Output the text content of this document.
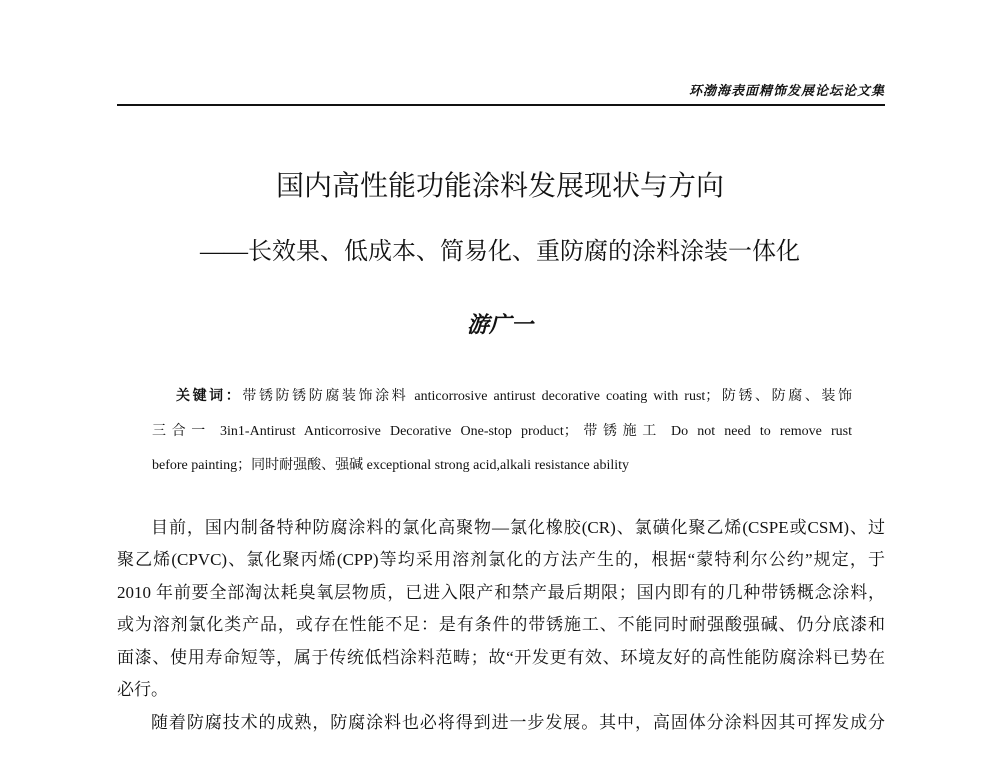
环渤海表面精饰发展论坛论文集
国内高性能功能涂料发展现状与方向
——长效果、低成本、简易化、重防腐的涂料涂装一体化
游广一
关键词：带锈防锈防腐装饰涂料 anticorrosive antirust decorative coating with rust；防锈、防腐、装饰
三合一 3in1-Antirust Anticorrosive Decorative One-stop product；带锈施工 Do not need to remove rust
before painting；同时耐强酸、强碱 exceptional strong acid,alkali resistance ability
目前，国内制备特种防腐涂料的氯化高聚物—氯化橡胶(CR)、氯磺化聚乙烯(CSPE或CSM)、过
聚乙烯(CPVC)、氯化聚丙烯(CPP)等均采用溶剂氯化的方法产生的，根据“蒙特利尔公约”规定，于
2010 年前要全部淘汰耗臭氧层物质，已进入限产和禁产最后期限；国内即有的几种带锈概念涂料，
或为溶剂氯化类产品，或存在性能不足：是有条件的带锈施工、不能同时耐强酸强碱、仍分底漆和
面漆、使用寿命短等，属于传统低档涂料范畴；故“开发更有效、环境友好的高性能防腐涂料已势在
必行。
随着防腐技术的成熟，防腐涂料也必将得到进一步发展。其中，高固体分涂料因其可挥发成分
